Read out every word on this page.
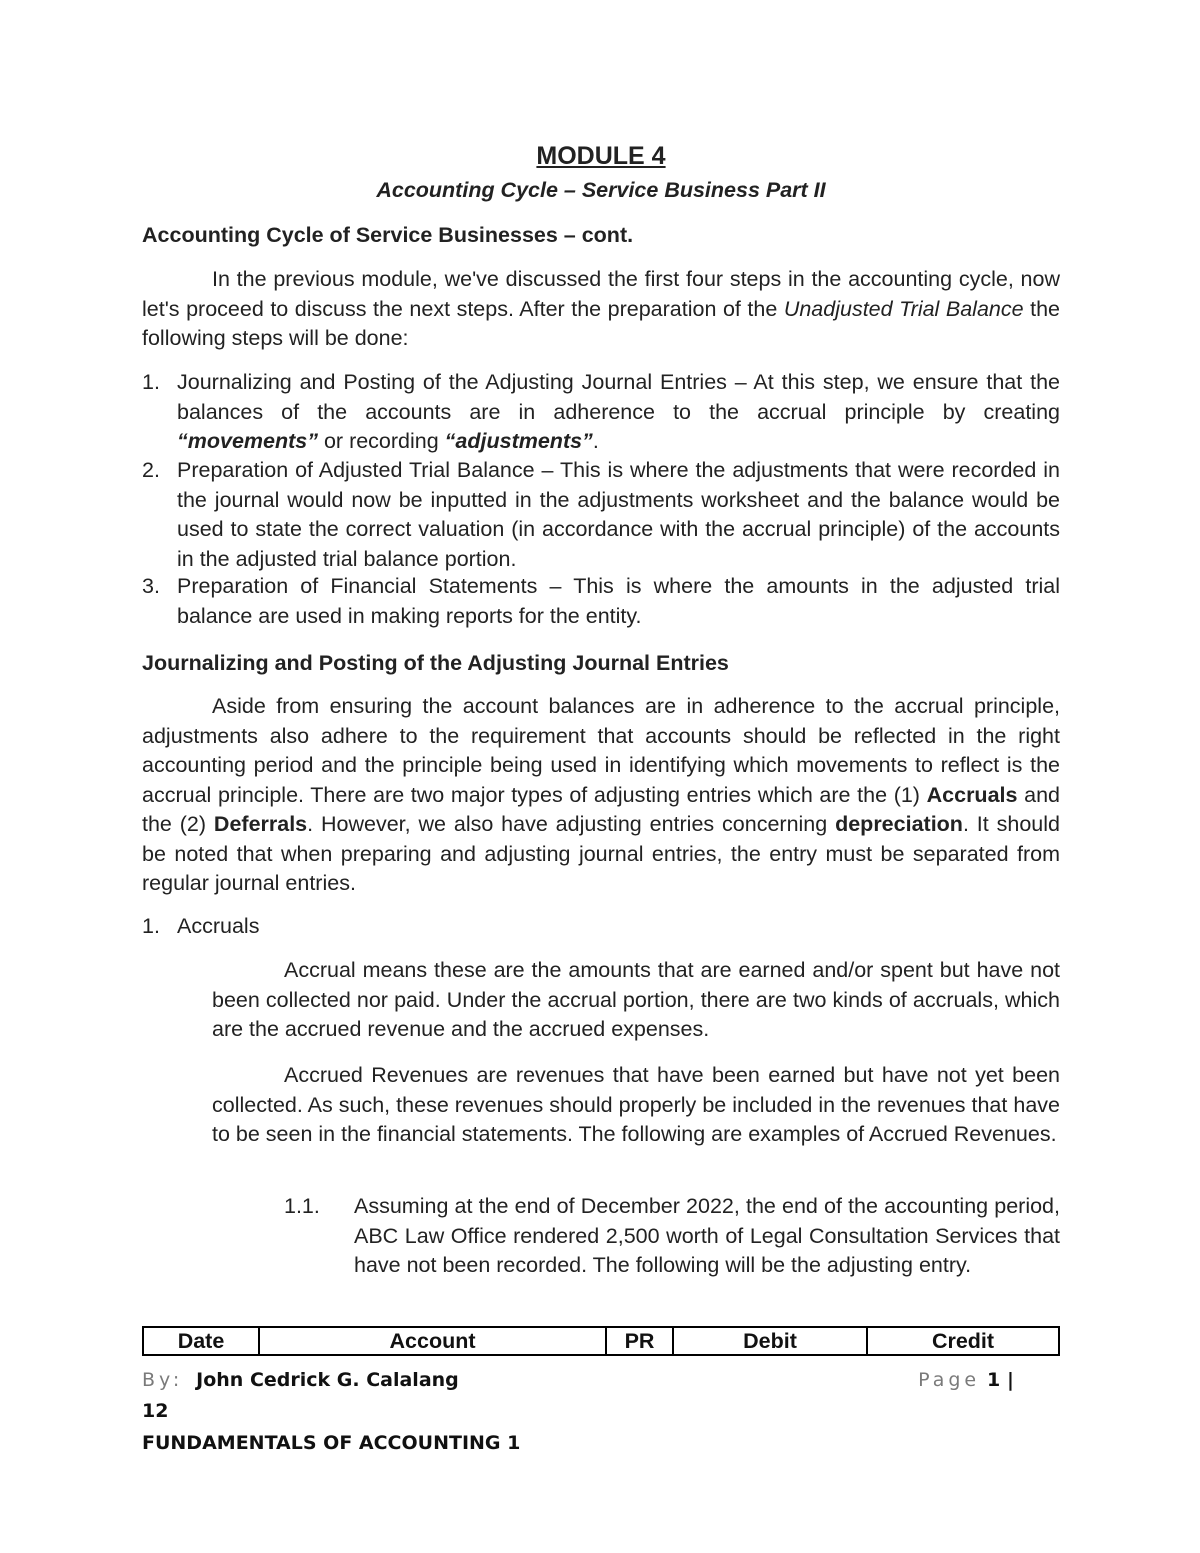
MODULE 4
Accounting Cycle – Service Business Part II
Accounting Cycle of Service Businesses – cont.
In the previous module, we've discussed the first four steps in the accounting cycle, now let's proceed to discuss the next steps. After the preparation of the Unadjusted Trial Balance the following steps will be done:
1. Journalizing and Posting of the Adjusting Journal Entries – At this step, we ensure that the balances of the accounts are in adherence to the accrual principle by creating “movements” or recording “adjustments”.
2. Preparation of Adjusted Trial Balance – This is where the adjustments that were recorded in the journal would now be inputted in the adjustments worksheet and the balance would be used to state the correct valuation (in accordance with the accrual principle) of the accounts in the adjusted trial balance portion.
3. Preparation of Financial Statements – This is where the amounts in the adjusted trial balance are used in making reports for the entity.
Journalizing and Posting of the Adjusting Journal Entries
Aside from ensuring the account balances are in adherence to the accrual principle, adjustments also adhere to the requirement that accounts should be reflected in the right accounting period and the principle being used in identifying which movements to reflect is the accrual principle. There are two major types of adjusting entries which are the (1) Accruals and the (2) Deferrals. However, we also have adjusting entries concerning depreciation. It should be noted that when preparing and adjusting journal entries, the entry must be separated from regular journal entries.
1. Accruals
Accrual means these are the amounts that are earned and/or spent but have not been collected nor paid. Under the accrual portion, there are two kinds of accruals, which are the accrued revenue and the accrued expenses.
Accrued Revenues are revenues that have been earned but have not yet been collected. As such, these revenues should properly be included in the revenues that have to be seen in the financial statements. The following are examples of Accrued Revenues.
1.1. Assuming at the end of December 2022, the end of the accounting period, ABC Law Office rendered 2,500 worth of Legal Consultation Services that have not been recorded. The following will be the adjusting entry.
Date	Account	PR	Debit	Credit
By: John Cedrick G. Calalang	Page 1 |
12
FUNDAMENTALS OF ACCOUNTING 1
